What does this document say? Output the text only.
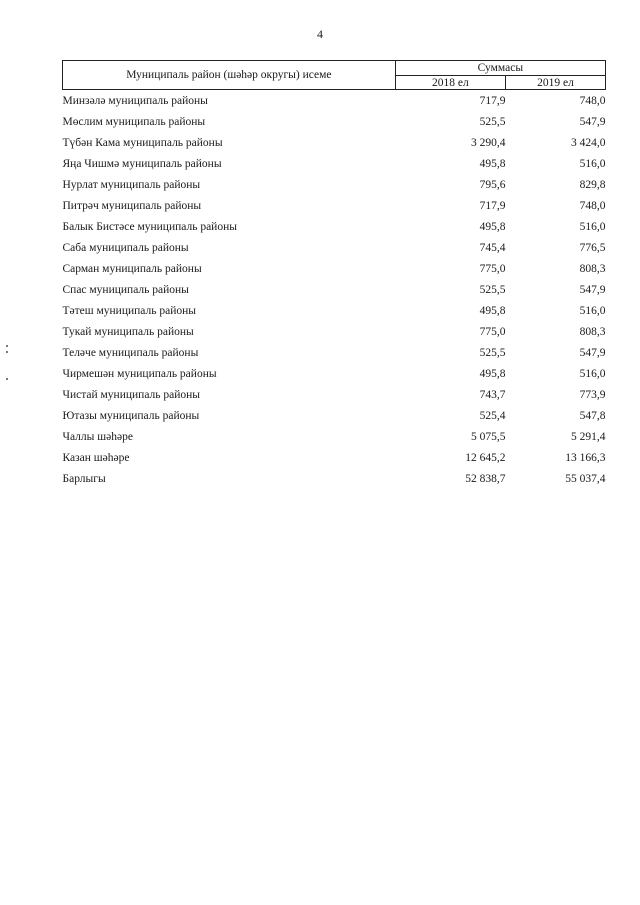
4
Муниципаль район (шәһәр округы) исеме	Суммасы	
	2018 ел	2019 ел
Минзәлә муниципаль районы	717,9	748,0
Мөслим муниципаль районы	525,5	547,9
Түбән Кама муниципаль районы	3 290,4	3 424,0
Яңа Чишмә муниципаль районы	495,8	516,0
Нурлат муниципаль районы	795,6	829,8
Питрәч муниципаль районы	717,9	748,0
Балык Бистәсе муниципаль районы	495,8	516,0
Саба муниципаль районы	745,4	776,5
Сарман муниципаль районы	775,0	808,3
Спас муниципаль районы	525,5	547,9
Тәтеш муниципаль районы	495,8	516,0
Тукай муниципаль районы	775,0	808,3
Теләче муниципаль районы	525,5	547,9
Чирмешән муниципаль районы	495,8	516,0
Чистай муниципаль районы	743,7	773,9
Ютазы муниципаль районы	525,4	547,8
Чаллы шәһәре	5 075,5	5 291,4
Казан шәһәре	12 645,2	13 166,3
Барлыгы	52 838,7	55 037,4
